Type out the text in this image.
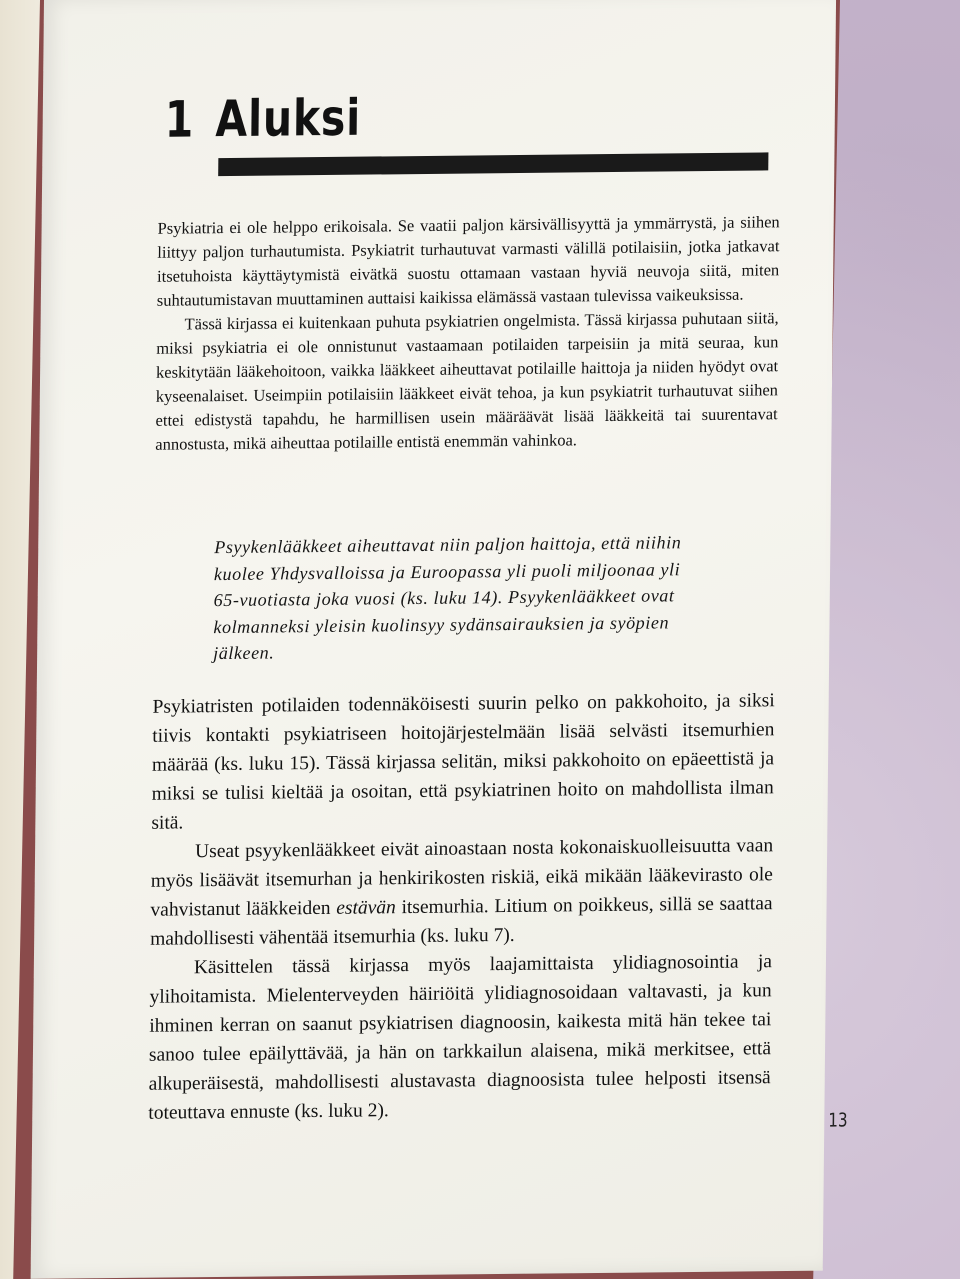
1 Aluksi

Psykiatria ei ole helppo erikoisala. Se vaatii paljon kärsivällisyyttä ja ymmärrystä, ja siihen liittyy paljon turhautumista. Psykiatrit turhautuvat varmasti välillä potilaisiin, jotka jatkavat itsetuhoista käyttäytymistä eivätkä suostu ottamaan vastaan hyviä neuvoja siitä, miten suhtautumistavan muuttaminen auttaisi kaikissa elämässä vastaan tulevissa vaikeuksissa.

Tässä kirjassa ei kuitenkaan puhuta psykiatrien ongelmista. Tässä kirjassa puhutaan siitä, miksi psykiatria ei ole onnistunut vastaamaan potilaiden tarpeisiin ja mitä seuraa, kun keskitytään lääkehoitoon, vaikka lääkkeet aiheuttavat potilaille haittoja ja niiden hyödyt ovat kyseenalaiset. Useimpiin potilaisiin lääkkeet eivät tehoa, ja kun psykiatrit turhautuvat siihen ettei edistystä tapahdu, he harmillisen usein määräävät lisää lääkkeitä tai suurentavat annostusta, mikä aiheuttaa potilaille entistä enemmän vahinkoa.

Psyykenlääkkeet aiheuttavat niin paljon haittoja, että niihin kuolee Yhdysvalloissa ja Euroopassa yli puoli miljoonaa yli 65-vuotiasta joka vuosi (ks. luku 14). Psyykenlääkkeet ovat kolmanneksi yleisin kuolinsyy sydänsairauksien ja syöpien jälkeen.

Psykiatristen potilaiden todennäköisesti suurin pelko on pakkohoito, ja siksi tiivis kontakti psykiatriseen hoitojärjestelmään lisää selvästi itsemurhien määrää (ks. luku 15). Tässä kirjassa selitän, miksi pakkohoito on epäeettistä ja miksi se tulisi kieltää ja osoitan, että psykiatrinen hoito on mahdollista ilman sitä.

Useat psyykenlääkkeet eivät ainoastaan nosta kokonaiskuolleisuutta vaan myös lisäävät itsemurhan ja henkirikosten riskiä, eikä mikään lääkevirasto ole vahvistanut lääkkeiden estävän itsemurhia. Litium on poikkeus, sillä se saattaa mahdollisesti vähentää itsemurhia (ks. luku 7).

Käsittelen tässä kirjassa myös laajamittaista ylidiagnosointia ja ylihoitamista. Mielenterveyden häiriöitä ylidiagnosoidaan valtavasti, ja kun ihminen kerran on saanut psykiatrisen diagnoosin, kaikesta mitä hän tekee tai sanoo tulee epäilyttävää, ja hän on tarkkailun alaisena, mikä merkitsee, että alkuperäisestä, mahdollisesti alustavasta diagnoosista tulee helposti itsensä toteuttava ennuste (ks. luku 2).	13
